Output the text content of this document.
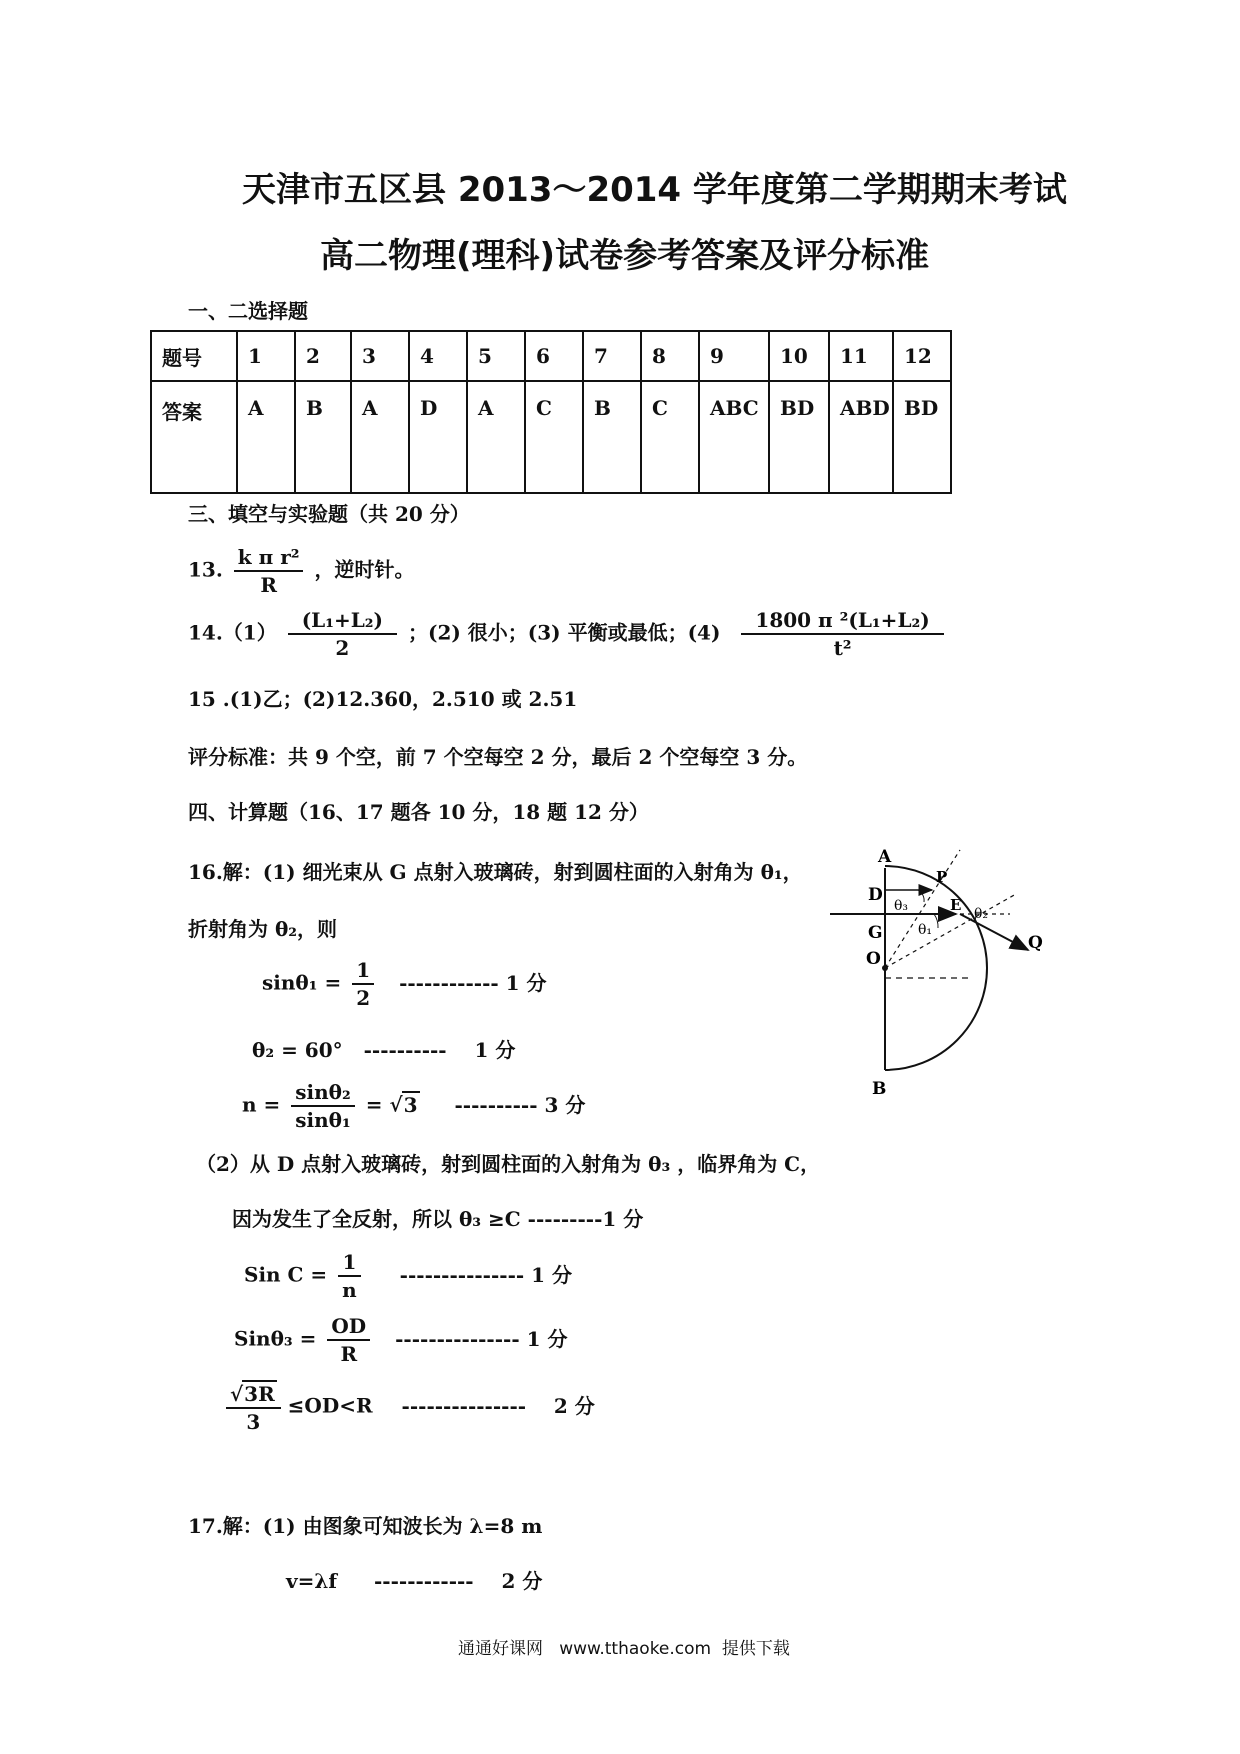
天津市五区县 2013～2014 学年度第二学期期末考试
高二物理(理科)试卷参考答案及评分标准
一、二选择题
题号	1	2	3	4	5	6	7	8	9	10	11	12
答案	A	B	A	D	A	C	B	C	ABC	BD	ABD	BD
三、填空与实验题（共 20 分）
13. $\frac{\text{k π r²}}{R}$ ，逆时针。
$14.(1) \frac{\text{(L₁+L₂)}}{2}$ ；(2) 很小；(3) 平衡或最低；$(4) \frac{\text{1800 π ²(L₁+L₂)}}{\text{t²}}$
15 .(1)乙；(2)12.360，2.510 或 2.51
评分标准：共 9 个空，前 7 个空每空 2 分，最后 2 个空每空 3 分。
四、计算题（16、17 题各 10 分，18 题 12 分）
16.解：(1) 细光束从 G 点射入玻璃砖，射到圆柱面的入射角为 θ₁，
折射角为 θ₂，则
$\sin\theta_1 = \frac{1}{2}$ ------------ 1 分
θ₂ = 60° ----------    1 分
$n = \frac{\text{sinθ₂}}{\text{sinθ₁}} = √3$ ---------- 3 分
（2）从 D 点射入玻璃砖，射到圆柱面的入射角为 θ₃ ，临界角为 C，
因为发生了全反射，所以 θ₃ ≥C ---------1 分
Sin $C = \frac{1}{n}$ --------------- 1 分
$Sin\theta_3 = \frac{OD}{R}$ --------------- 1 分
$\frac{√3R}{3} \le OD<R$ ---------------    2 分
A
D
G
O
B
P
E
Q
θ₃
θ₁
θ₂
17.解：(1) 由图象可知波长为 λ=8 m
v=λf ------------    2 分
通通好课网   www.tthaoke.com  提供下载
